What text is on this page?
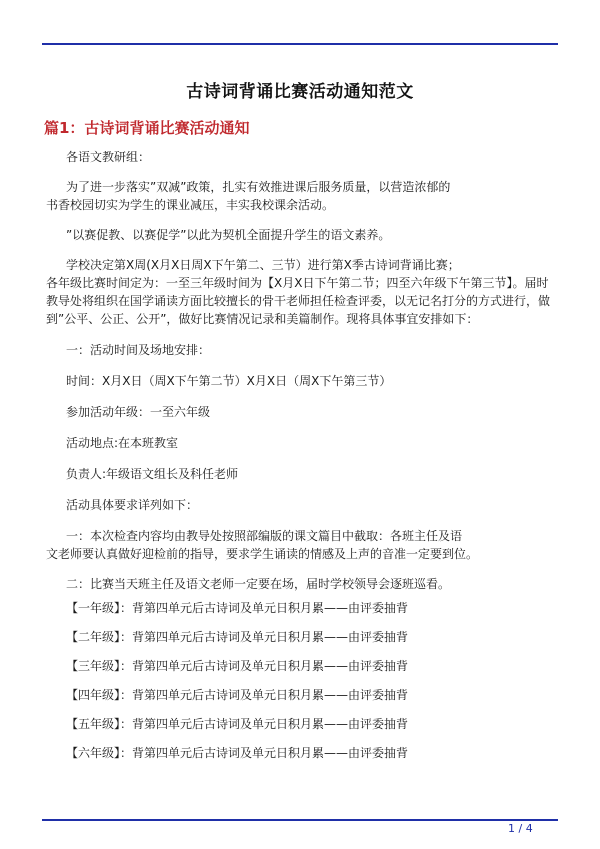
古诗词背诵比赛活动通知范文
篇1：古诗词背诵比赛活动通知
各语文教研组：
为了进一步落实”双减”政策，扎实有效推进课后服务质量，以营造浓郁的
书香校园切实为学生的课业减压，丰实我校课余活动。
”以赛促教、以赛促学”以此为契机全面提升学生的语文素养。
学校决定第X周(X月X日周X下午第二、三节）进行第X季古诗词背诵比赛；
各年级比赛时间定为：一至三年级时间为【X月X日下午第二节；四至六年级下午第三节】。届时
教导处将组织在国学诵读方面比较擅长的骨干老师担任检查评委，以无记名打分的方式进行，做
到”公平、公正、公开”，做好比赛情况记录和美篇制作。现将具体事宜安排如下：
一：活动时间及场地安排：
时间：X月X日（周X下午第二节）X月X日（周X下午第三节）
参加活动年级：一至六年级
活动地点:在本班教室
负责人:年级语文组长及科任老师
活动具体要求详列如下：
一：本次检查内容均由教导处按照部编版的课文篇目中截取：各班主任及语
文老师要认真做好迎检前的指导，要求学生诵读的情感及上声的音准一定要到位。
二：比赛当天班主任及语文老师一定要在场，届时学校领导会逐班巡看。
【一年级】：背第四单元后古诗词及单元日积月累——由评委抽背
【二年级】：背第四单元后古诗词及单元日积月累——由评委抽背
【三年级】：背第四单元后古诗词及单元日积月累——由评委抽背
【四年级】：背第四单元后古诗词及单元日积月累——由评委抽背
【五年级】：背第四单元后古诗词及单元日积月累——由评委抽背
【六年级】：背第四单元后古诗词及单元日积月累——由评委抽背
1 / 4
